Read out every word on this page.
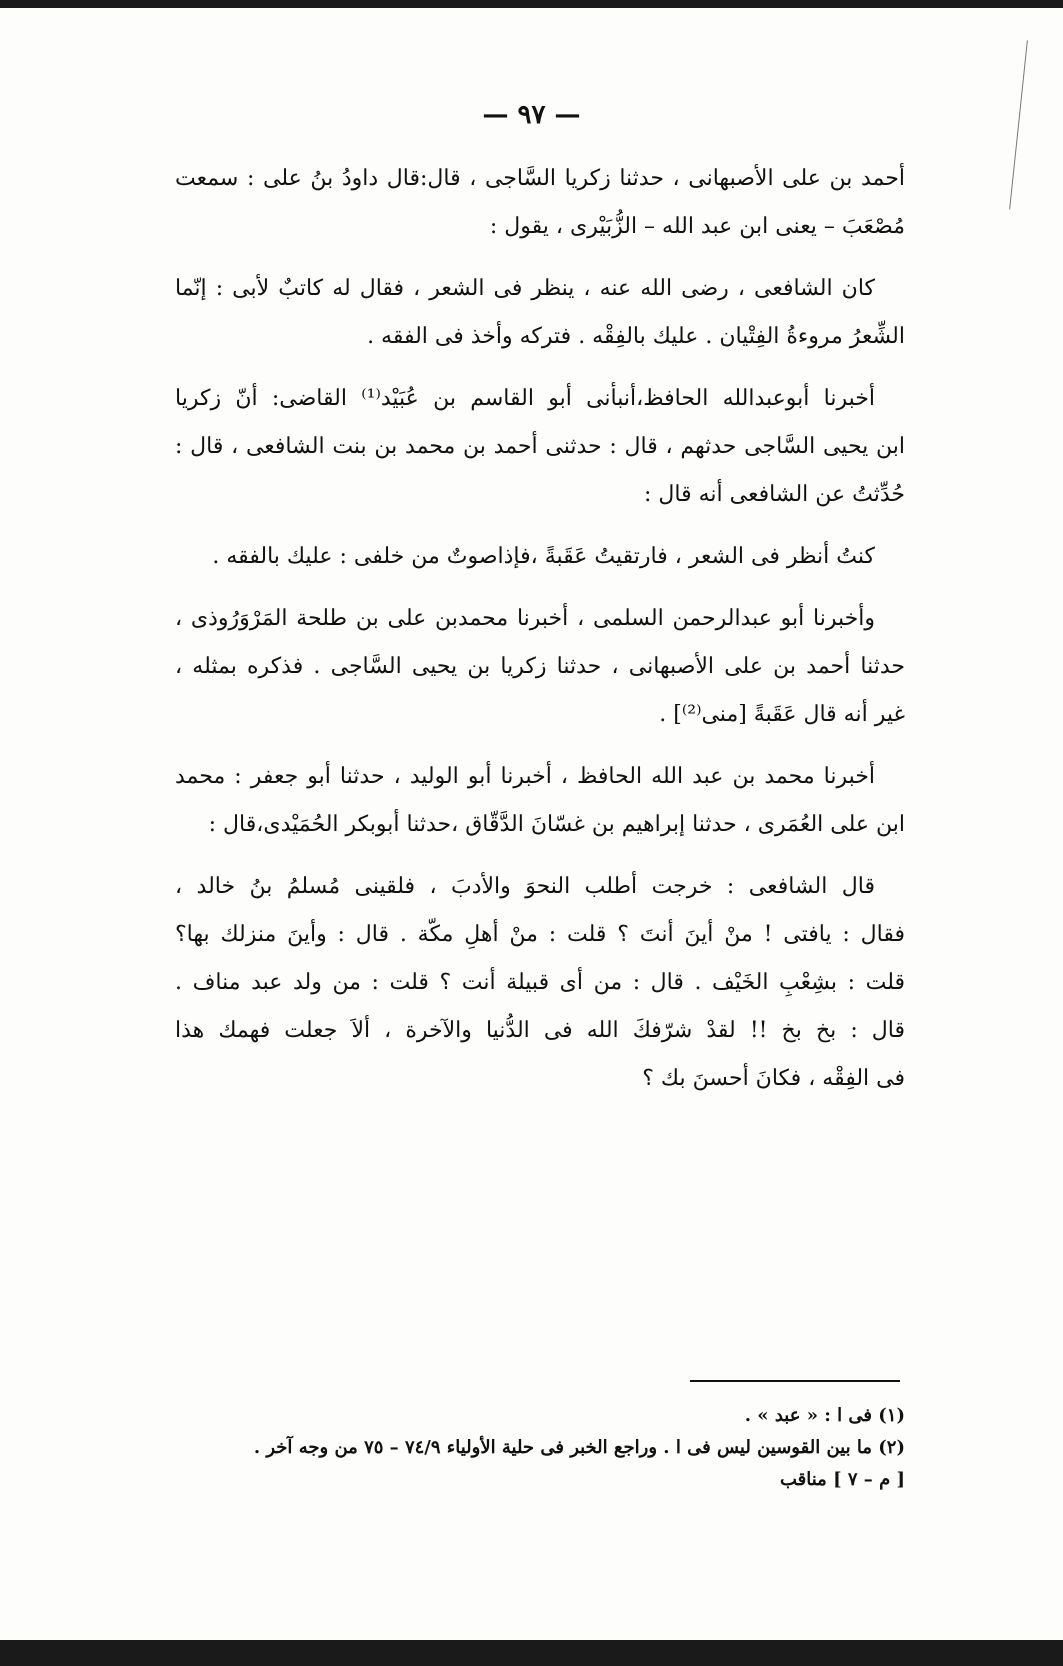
— ٩٧ —
أحمد بن على الأصبهانى ، حدثنا زكريا السَّاجى ، قال:قال داودُ بنُ على : سمعت
مُصْعَبَ – يعنى ابن عبد الله – الزُّبَيْرى ، يقول :
كان الشافعى ، رضى الله عنه ، ينظر فى الشعر ، فقال له كاتبٌ لأبى : إنّما
الشِّعرُ مروءةُ الفِتْيان . عليك بالفِقْه . فتركه وأخذ فى الفقه .
أخبرنا أبوعبدالله الحافظ،أنبأنى أبو القاسم بن عُبَيْد⁽¹⁾ القاضى: أنّ زكريا
ابن يحيى السَّاجى حدثهم ، قال : حدثنى أحمد بن محمد بن بنت الشافعى ، قال :
حُدِّثتُ عن الشافعى أنه قال :
كنتُ أنظر فى الشعر ، فارتقيتُ عَقَبةً ،فإذاصوتٌ من خلفى : عليك بالفقه .
وأخبرنا أبو عبدالرحمن السلمى ، أخبرنا محمدبن على بن طلحة المَرْوَرُوذى ،
حدثنا أحمد بن على الأصبهانى ، حدثنا زكريا بن يحيى السَّاجى . فذكره بمثله ،
غير أنه قال عَقَبةً [منى⁽²⁾] .
أخبرنا محمد بن عبد الله الحافظ ، أخبرنا أبو الوليد ، حدثنا أبو جعفر : محمد
ابن على العُمَرى ، حدثنا إبراهيم بن غسّانَ الدَّقّاق ،حدثنا أبوبكر الحُمَيْدى،قال :
قال الشافعى : خرجت أطلب النحوَ والأدبَ ، فلقينى مُسلمُ بنُ خالد ،
فقال : يافتى ! منْ أينَ أنتَ ؟ قلت : منْ أهلِ مكّة . قال : وأينَ منزلك بها؟
قلت : بشِعْبِ الخَيْف . قال : من أى قبيلة أنت ؟ قلت : من ولد عبد مناف .
قال : بخ بخ !! لقدْ شرّفكَ الله فى الدُّنيا والآخرة ، ألاَ جعلت فهمك هذا
فى الفِقْه ، فكانَ أحسنَ بك ؟
(١) فى ا : « عبد » .
(٢) ما بين القوسين ليس فى ا . وراجع الخبر فى حلية الأولياء ٧٤/٩ – ٧٥ من وجه آخر .
[ م – ٧ ] مناقب
